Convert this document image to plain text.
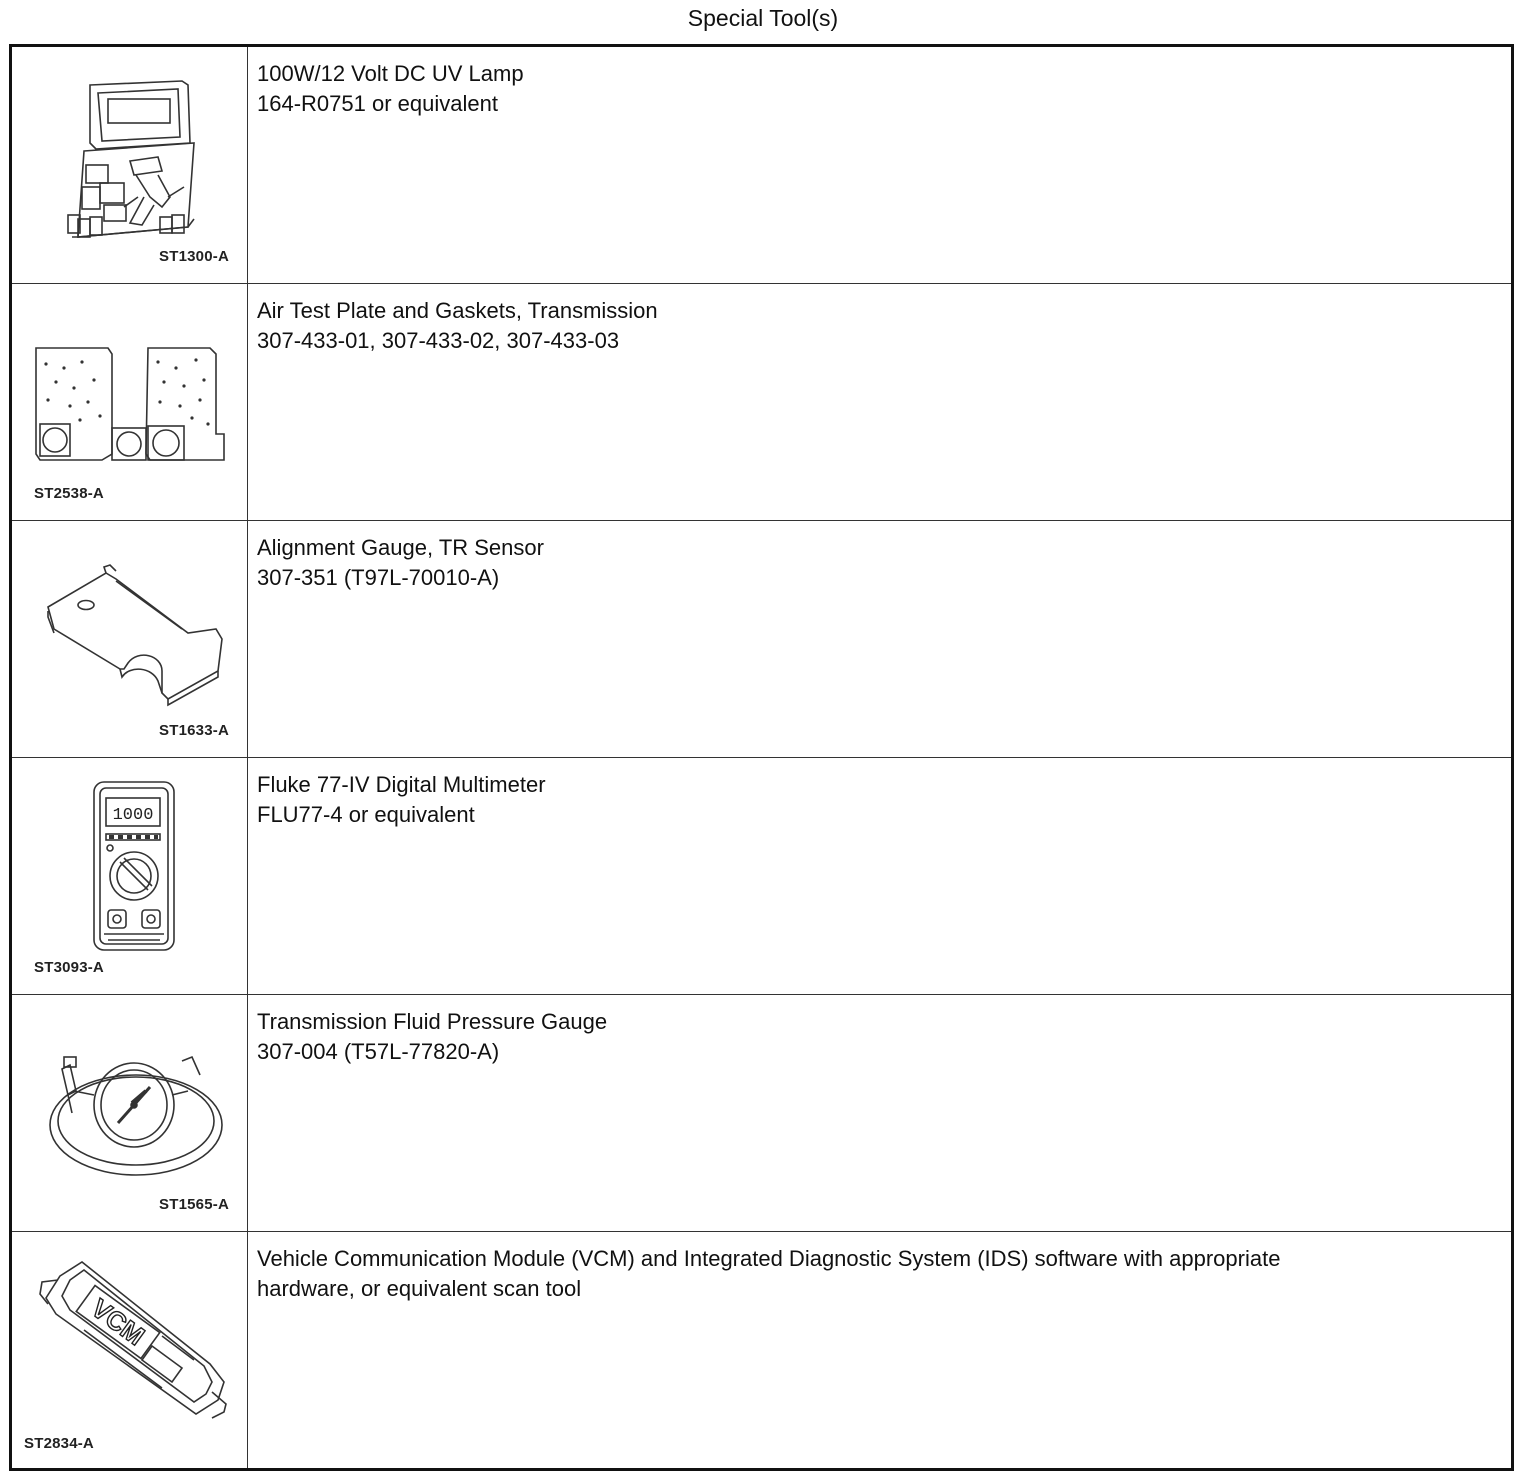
Special Tool(s)
ST1300-A
100W/12 Volt DC UV Lamp
164-R0751 or equivalent
ST2538-A
Air Test Plate and Gaskets, Transmission
307-433-01, 307-433-02, 307-433-03
ST1633-A
Alignment Gauge, TR Sensor
307-351 (T97L-70010-A)
1000
ST3093-A
Fluke 77-IV Digital Multimeter
FLU77-4 or equivalent
ST1565-A
Transmission Fluid Pressure Gauge
307-004 (T57L-77820-A)
VCM
ST2834-A
Vehicle Communication Module (VCM) and Integrated Diagnostic System (IDS) software with appropriate
hardware, or equivalent scan tool
